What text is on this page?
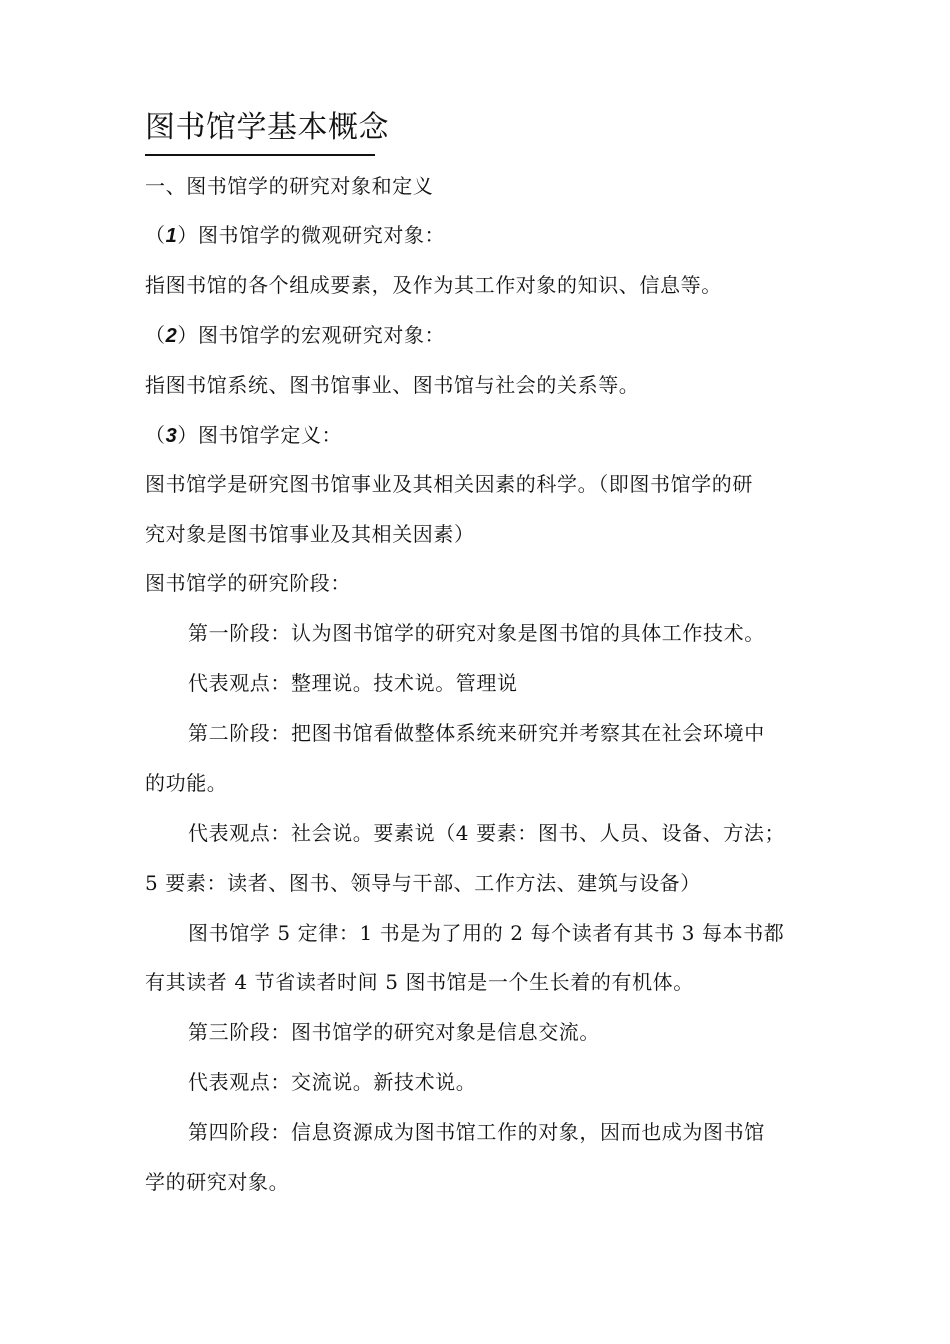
图书馆学基本概念
一、图书馆学的研究对象和定义
（1）图书馆学的微观研究对象：
指图书馆的各个组成要素，及作为其工作对象的知识、信息等。
（2）图书馆学的宏观研究对象：
指图书馆系统、图书馆事业、图书馆与社会的关系等。
（3）图书馆学定义：
图书馆学是研究图书馆事业及其相关因素的科学。（即图书馆学的研
究对象是图书馆事业及其相关因素）
图书馆学的研究阶段：
第一阶段：认为图书馆学的研究对象是图书馆的具体工作技术。
代表观点：整理说。技术说。管理说
第二阶段：把图书馆看做整体系统来研究并考察其在社会环境中
的功能。
代表观点：社会说。要素说（4 要素：图书、人员、设备、方法；
5 要素：读者、图书、领导与干部、工作方法、建筑与设备）
图书馆学 5 定律：1 书是为了用的 2 每个读者有其书 3 每本书都
有其读者 4 节省读者时间 5 图书馆是一个生长着的有机体。
第三阶段：图书馆学的研究对象是信息交流。
代表观点：交流说。新技术说。
第四阶段：信息资源成为图书馆工作的对象，因而也成为图书馆
学的研究对象。
